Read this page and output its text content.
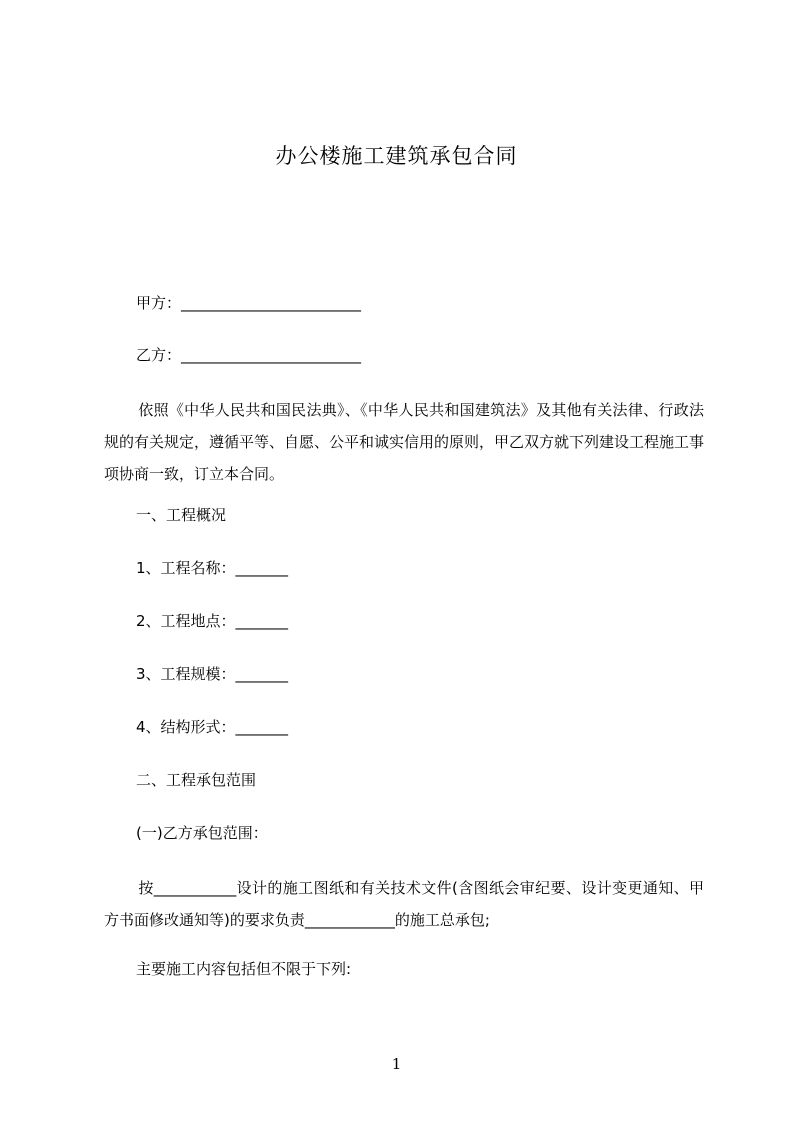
办公楼施工建筑承包合同
甲方：________________________
乙方：________________________
依照《中华人民共和国民法典》、《中华人民共和国建筑法》及其他有关法律、行政法规的有关规定，遵循平等、自愿、公平和诚实信用的原则，甲乙双方就下列建设工程施工事项协商一致，订立本合同。
一、工程概况
1、工程名称：_______
2、工程地点：_______
3、工程规模：_______
4、结构形式：_______
二、工程承包范围
(一)乙方承包范围：
按___________设计的施工图纸和有关技术文件(含图纸会审纪要、设计变更通知、甲方书面修改通知等)的要求负责____________的施工总承包;
主要施工内容包括但不限于下列:
1
